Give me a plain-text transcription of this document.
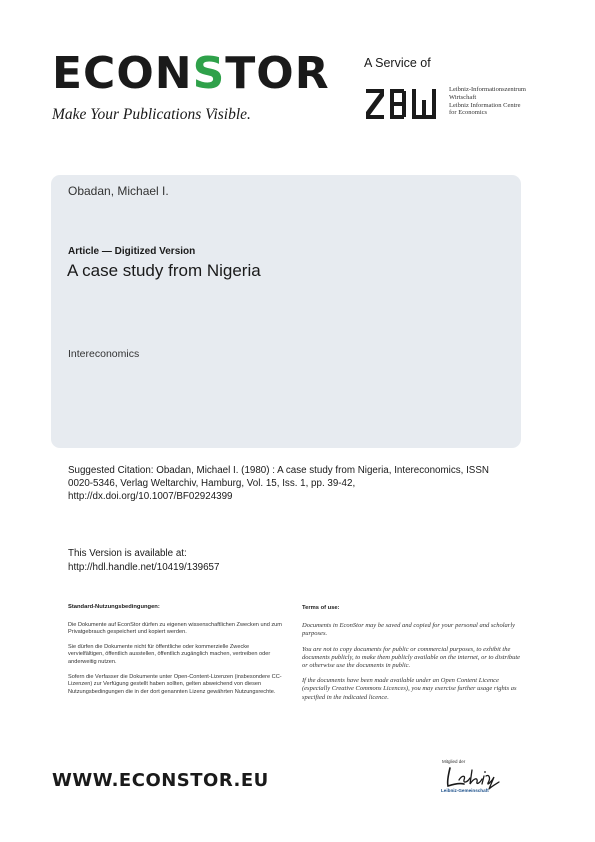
ECONSTOR
Make Your Publications Visible.
A Service of
Leibniz-Informationszentrum
Wirtschaft
Leibniz Information Centre
for Economics
Obadan, Michael I.
Article — Digitized Version
A case study from Nigeria
Intereconomics
Suggested Citation: Obadan, Michael I. (1980) : A case study from Nigeria, Intereconomics, ISSN 0020-5346, Verlag Weltarchiv, Hamburg, Vol. 15, Iss. 1, pp. 39-42, http://dx.doi.org/10.1007/BF02924399
This Version is available at:
http://hdl.handle.net/10419/139657
Standard-Nutzungsbedingungen:

Die Dokumente auf EconStor dürfen zu eigenen wissenschaftlichen Zwecken und zum Privatgebrauch gespeichert und kopiert werden.

Sie dürfen die Dokumente nicht für öffentliche oder kommerzielle Zwecke vervielfältigen, öffentlich ausstellen, öffentlich zugänglich machen, vertreiben oder anderweitig nutzen.

Sofern die Verfasser die Dokumente unter Open-Content-Lizenzen (insbesondere CC-Lizenzen) zur Verfügung gestellt haben sollten, gelten abweichend von diesen Nutzungsbedingungen die in der dort genannten Lizenz gewährten Nutzungsrechte.

Terms of use:

Documents in EconStor may be saved and copied for your personal and scholarly purposes.

You are not to copy documents for public or commercial purposes, to exhibit the documents publicly, to make them publicly available on the internet, or to distribute or otherwise use the documents in public.

If the documents have been made available under an Open Content Licence (especially Creative Commons Licences), you may exercise further usage rights as specified in the indicated licence.

WWW.ECONSTOR.EU
Mitglied der
Leibniz-Gemeinschaft
